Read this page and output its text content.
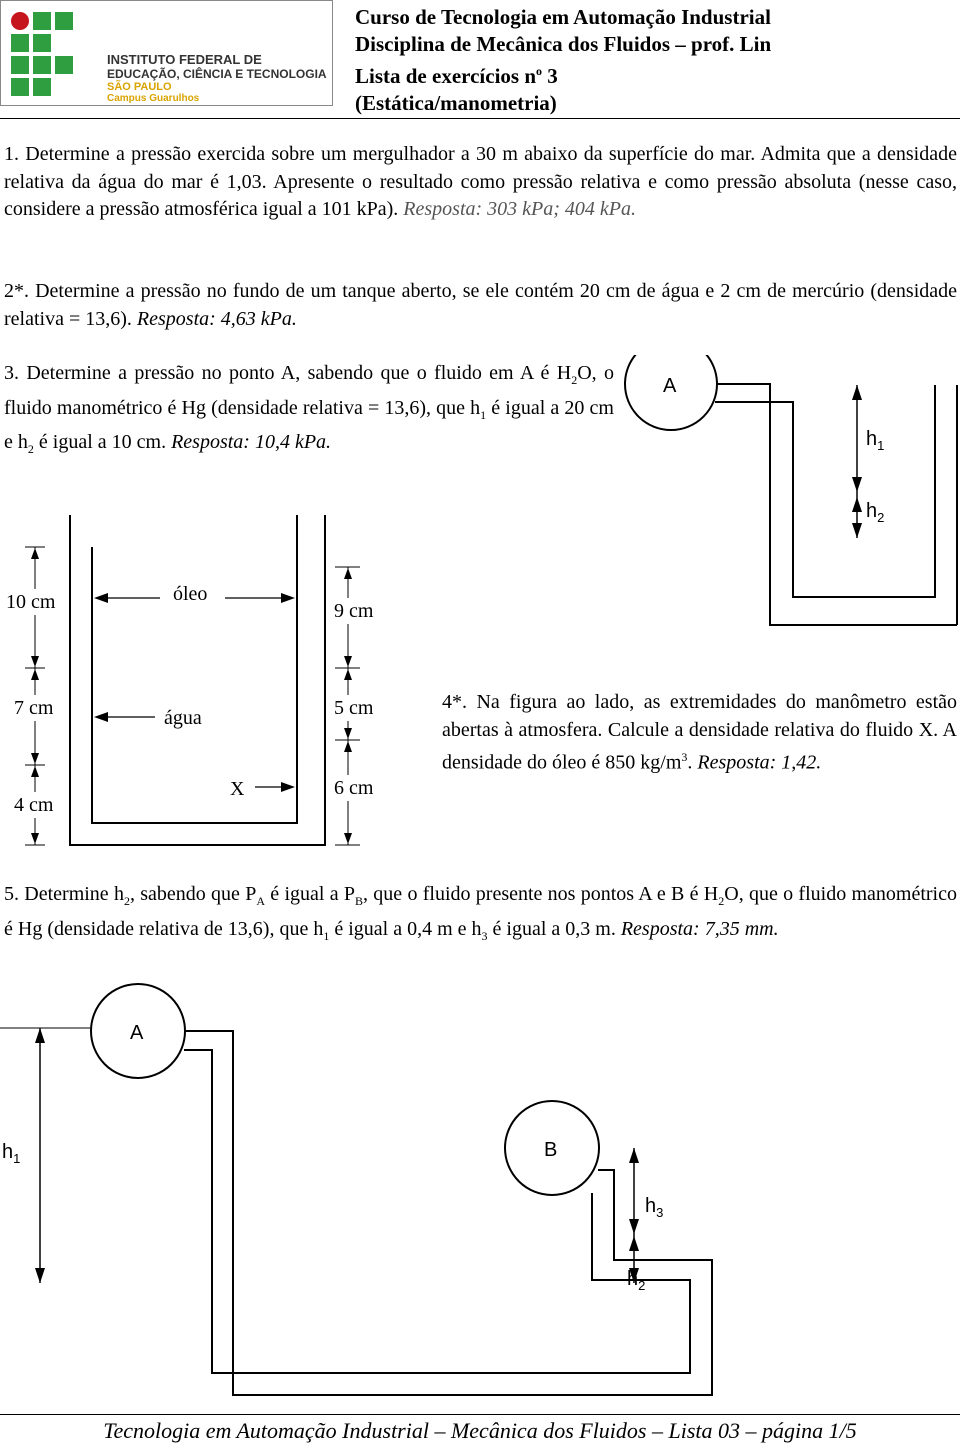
INSTITUTO FEDERAL DE
EDUCAÇÃO, CIÊNCIA E TECNOLOGIA
SÃO PAULO
Campus Guarulhos
Curso de Tecnologia em Automação Industrial
Disciplina de Mecânica dos Fluidos – prof. Lin
Lista de exercícios $n^o$ 3
(Estática/manometria)
1. Determine a pressão exercida sobre um mergulhador a 30 m abaixo da superfície do mar. Admita que a densidade relativa da água do mar é 1,03. Apresente o resultado como pressão relativa e como pressão absoluta (nesse caso, considere a pressão atmosférica igual a 101 kPa). Resposta: 303 kPa; 404 kPa.
2*. Determine a pressão no fundo de um tanque aberto, se ele contém 20 cm de água e 2 cm de mercúrio (densidade relativa = 13,6). Resposta: 4,63 kPa.
3. Determine a pressão no ponto A, sabendo que o fluido em A é $H_2O$, o fluido manométrico é Hg (densidade relativa = 13,6), que $h_1$ é igual a 20 cm e $h_2$ é igual a 10 cm. Resposta: 10,4 kPa.
A
$h_1$
$h_2$
10 cm
7 cm
4 cm
9 cm
5 cm
6 cm
óleo
água
X
4*. Na figura ao lado, as extremidades do manômetro estão abertas à atmosfera. Calcule a densidade relativa do fluido X. A densidade do óleo é 850 $kg/m^3$. Resposta: 1,42.
5. Determine $h_2$, sabendo que $P_A$ é igual a $P_B$, que o fluido presente nos pontos A e B é $H_2O$, que o fluido manométrico é Hg (densidade relativa de 13,6), que $h_1$ é igual a 0,4 m e $h_3$ é igual a 0,3 m. Resposta: 7,35 mm.
A
B
$h_1$
$h_3$
$h_2$
Tecnologia em Automação Industrial – Mecânica dos Fluidos – Lista 03 – página 1/5
